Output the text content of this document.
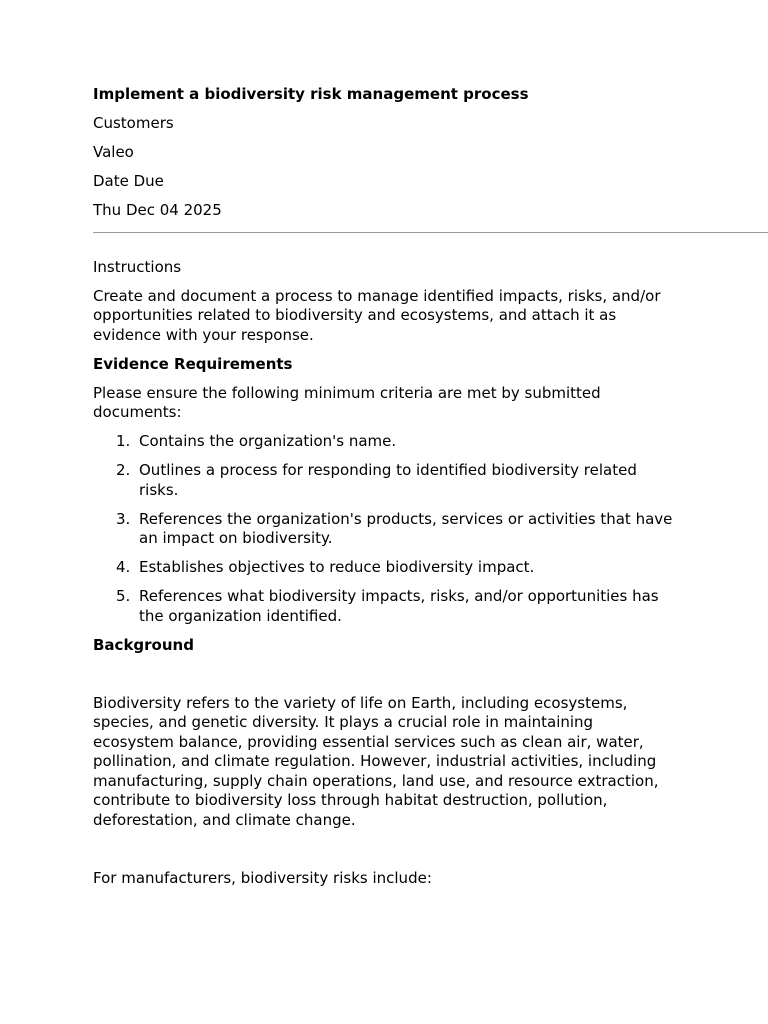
Implement a biodiversity risk management process

Customers

Valeo

Date Due

Thu Dec 04 2025

Instructions

Create and document a process to manage identified impacts, risks, and/or opportunities related to biodiversity and ecosystems, and attach it as evidence with your response.

Evidence Requirements

Please ensure the following minimum criteria are met by submitted documents:

1. Contains the organization's name.
2. Outlines a process for responding to identified biodiversity related risks.
3. References the organization's products, services or activities that have an impact on biodiversity.
4. Establishes objectives to reduce biodiversity impact.
5. References what biodiversity impacts, risks, and/or opportunities has the organization identified.

Background

Biodiversity refers to the variety of life on Earth, including ecosystems, species, and genetic diversity. It plays a crucial role in maintaining ecosystem balance, providing essential services such as clean air, water, pollination, and climate regulation. However, industrial activities, including manufacturing, supply chain operations, land use, and resource extraction, contribute to biodiversity loss through habitat destruction, pollution, deforestation, and climate change.

For manufacturers, biodiversity risks include:
